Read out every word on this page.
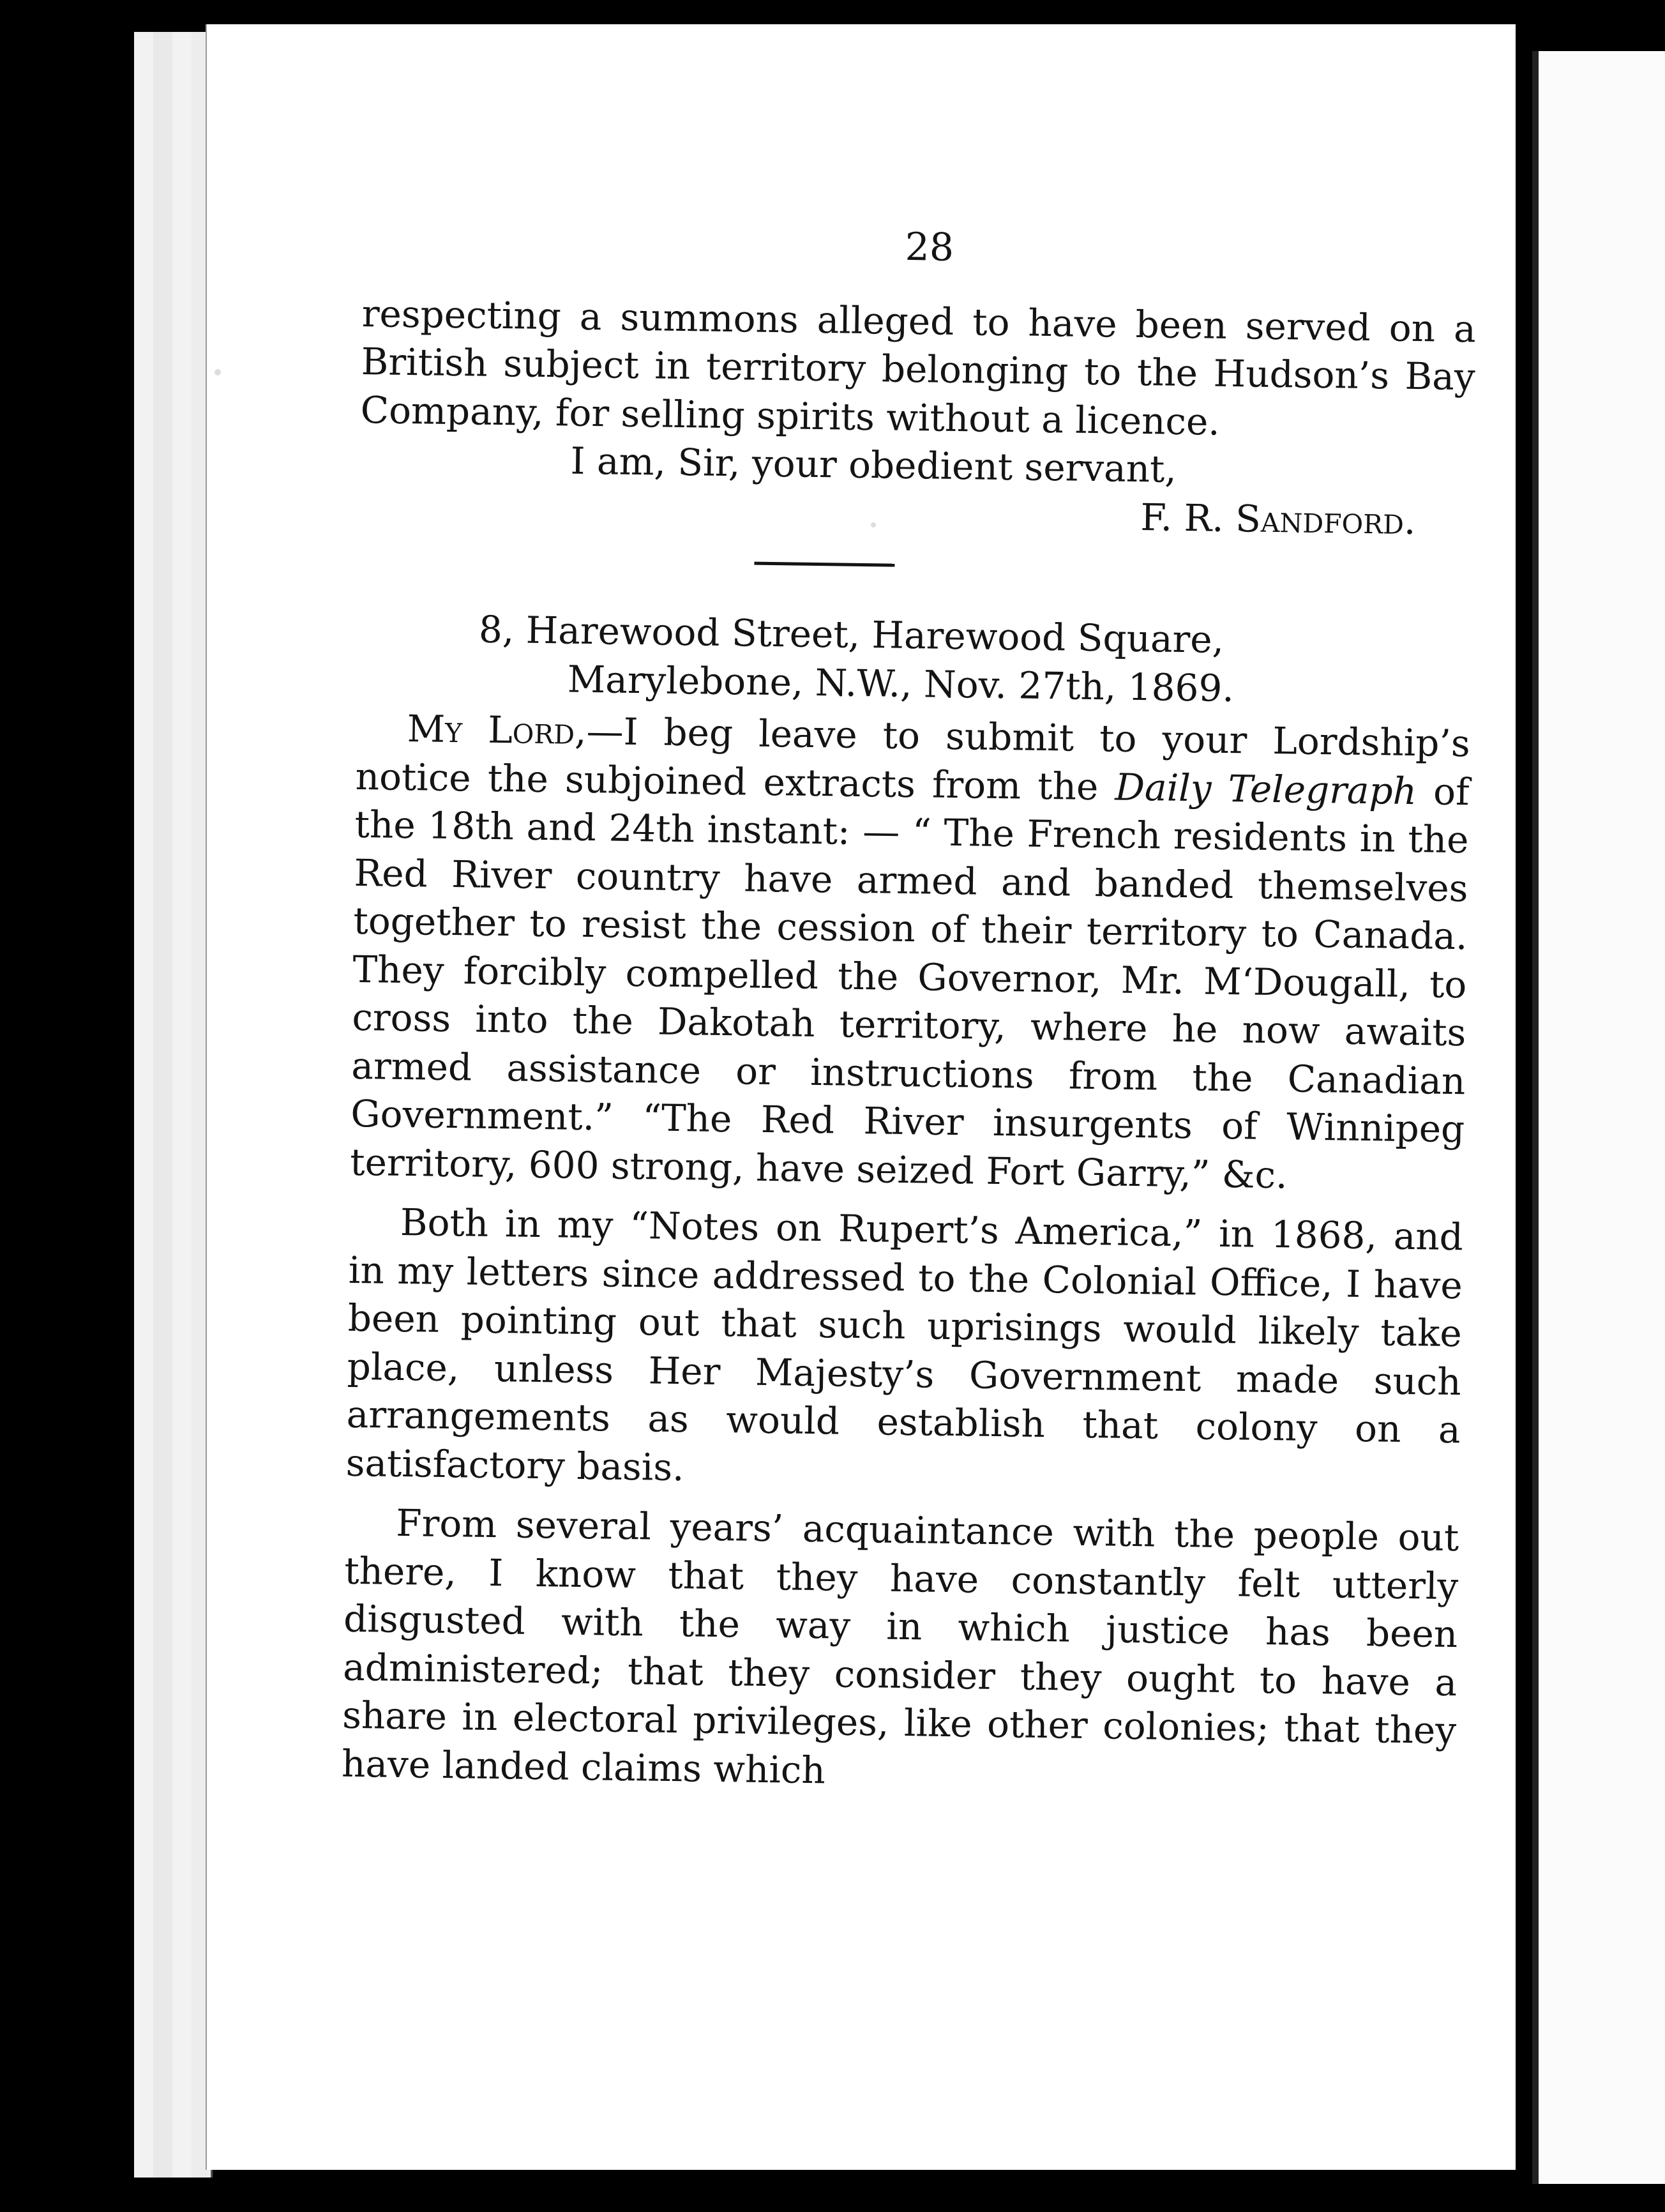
28

respecting a summons alleged to have been served on a British subject in territory belonging to the Hudson’s Bay Company, for selling spirits without a licence.

I am, Sir, your obedient servant,

F. R. Sandford.

8, Harewood Street, Harewood Square,

Marylebone, N.W., Nov. 27th, 1869.

My Lord,—I beg leave to submit to your Lordship’s notice the subjoined extracts from the Daily Telegraph of the 18th and 24th instant: — “ The French residents in the Red River country have armed and banded themselves together to resist the cession of their territory to Canada. They forcibly compelled the Governor, Mr. M‘Dougall, to cross into the Dakotah territory, where he now awaits armed assistance or instructions from the Canadian Government.” “The Red River insurgents of Winnipeg territory, 600 strong, have seized Fort Garry,” &c.

Both in my “Notes on Rupert’s America,” in 1868, and in my letters since addressed to the Colonial Office, I have been pointing out that such uprisings would likely take place, unless Her Majesty’s Government made such arrangements as would establish that colony on a satisfactory basis.

From several years’ acquaintance with the people out there, I know that they have constantly felt utterly disgusted with the way in which justice has been administered; that they consider they ought to have a share in electoral privileges, like other colonies; that they have landed claims which
